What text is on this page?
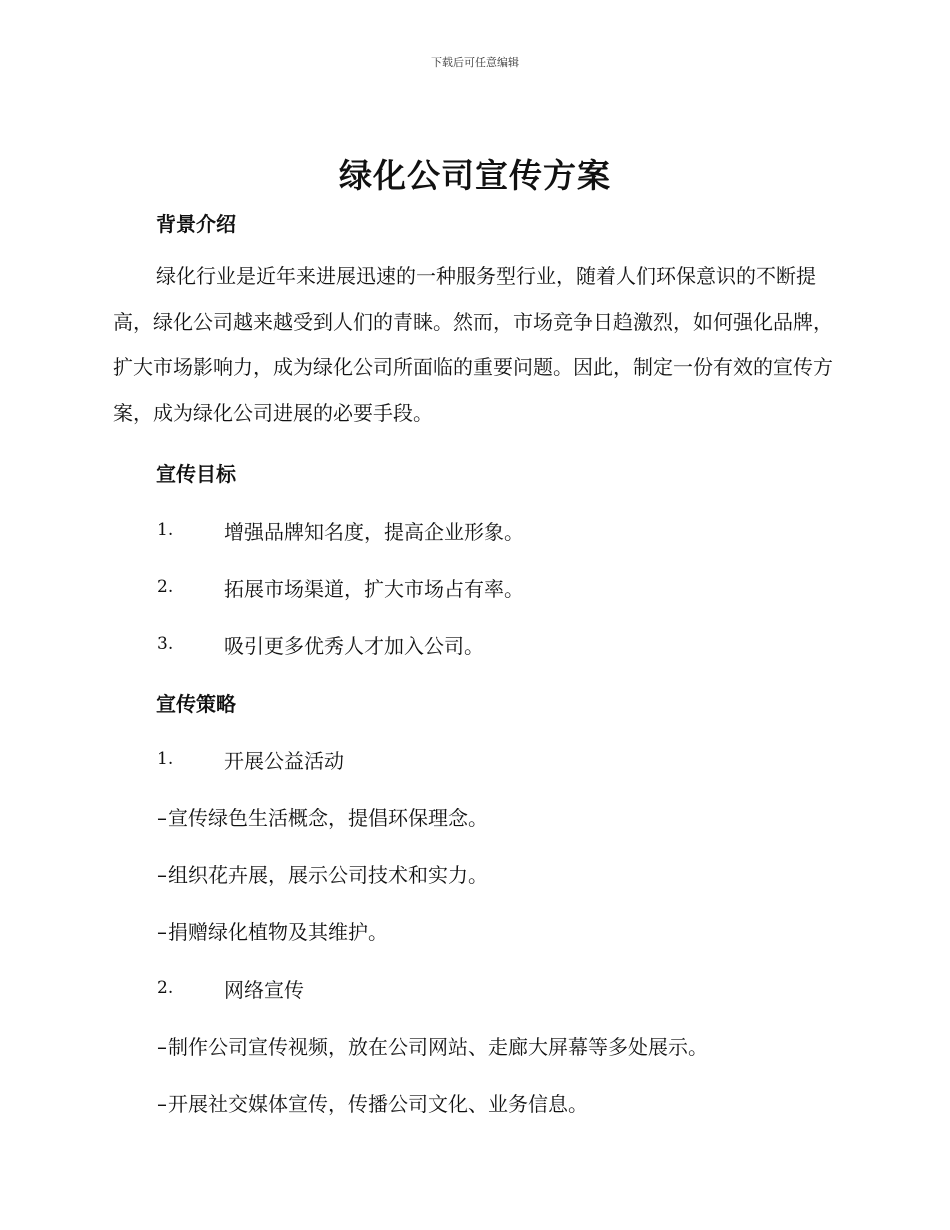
下载后可任意编辑
绿化公司宣传方案
背景介绍

绿化行业是近年来进展迅速的一种服务型行业，随着人们环保意识的不断提高，绿化公司越来越受到人们的青睐。然而，市场竞争日趋激烈，如何强化品牌，扩大市场影响力，成为绿化公司所面临的重要问题。因此，制定一份有效的宣传方案，成为绿化公司进展的必要手段。

宣传目标
1.	增强品牌知名度，提高企业形象。
2.	拓展市场渠道，扩大市场占有率。
3.	吸引更多优秀人才加入公司。
宣传策略
1.	开展公益活动
–宣传绿色生活概念，提倡环保理念。
–组织花卉展，展示公司技术和实力。
–捐赠绿化植物及其维护。
2.	网络宣传
–制作公司宣传视频，放在公司网站、走廊大屏幕等多处展示。
–开展社交媒体宣传，传播公司文化、业务信息。
